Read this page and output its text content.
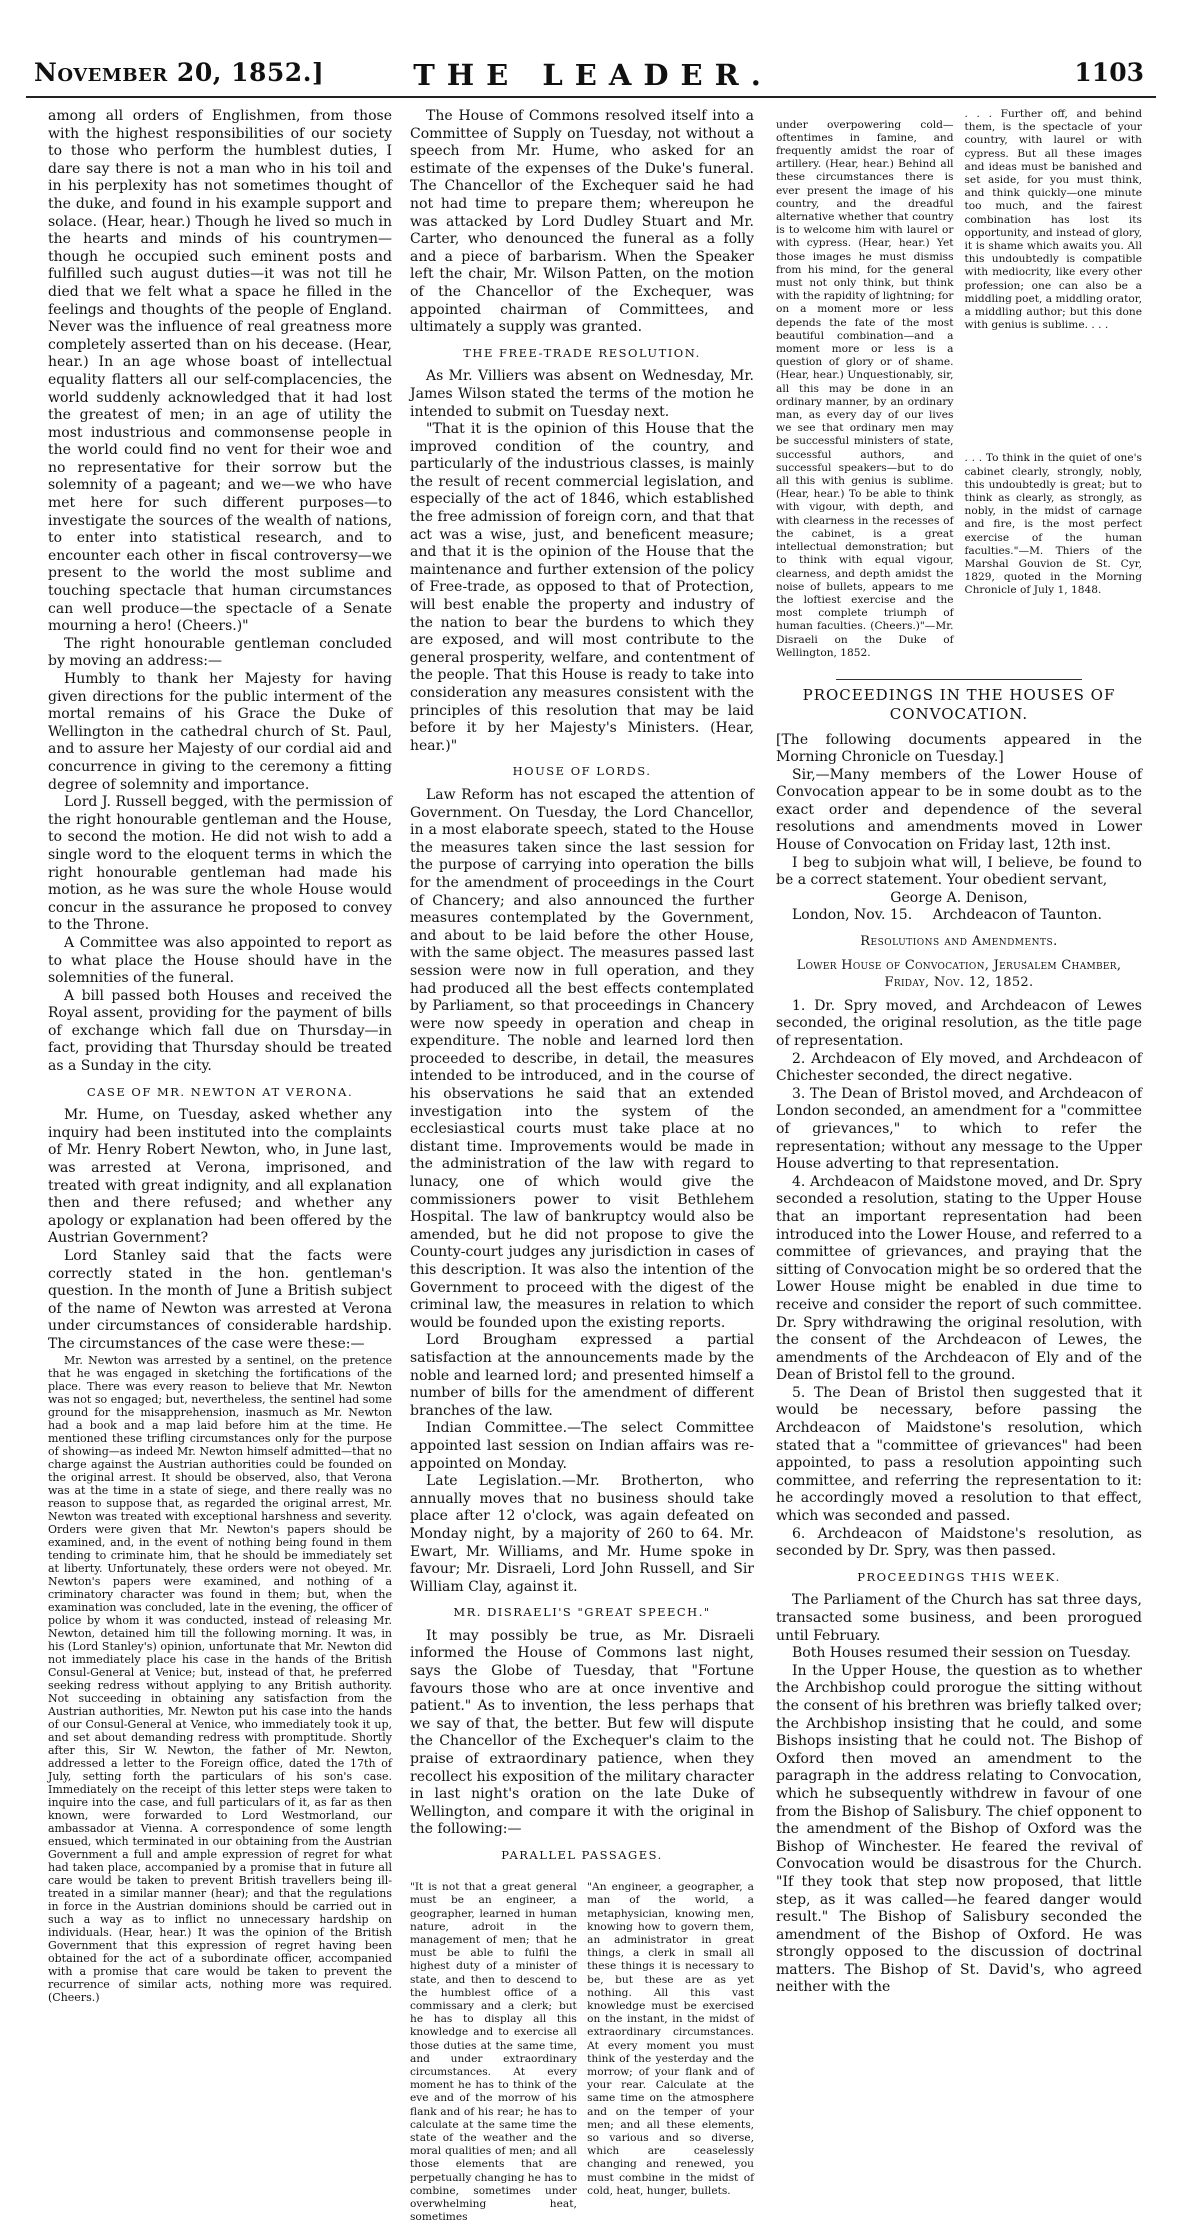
November 20, 1852.]	THE LEADER.	1103

among all orders of Englishmen, from those with the highest responsibilities of our society to those who perform the humblest duties, I dare say there is not a man who in his toil and in his perplexity has not sometimes thought of the duke, and found in his example support and solace. (Hear, hear.) Though he lived so much in the hearts and minds of his countrymen—though he occupied such eminent posts and fulfilled such august duties—it was not till he died that we felt what a space he filled in the feelings and thoughts of the people of England. Never was the influence of real greatness more completely asserted than on his decease. (Hear, hear.) In an age whose boast of intellectual equality flatters all our self-complacencies, the world suddenly acknowledged that it had lost the greatest of men; in an age of utility the most industrious and commonsense people in the world could find no vent for their woe and no representative for their sorrow but the solemnity of a pageant; and we—we who have met here for such different purposes—to investigate the sources of the wealth of nations, to enter into statistical research, and to encounter each other in fiscal controversy—we present to the world the most sublime and touching spectacle that human circumstances can well produce—the spectacle of a Senate mourning a hero! (Cheers.)"

The right honourable gentleman concluded by moving an address:—

Humbly to thank her Majesty for having given directions for the public interment of the mortal remains of his Grace the Duke of Wellington in the cathedral church of St. Paul, and to assure her Majesty of our cordial aid and concurrence in giving to the ceremony a fitting degree of solemnity and importance.

Lord J. Russell begged, with the permission of the right honourable gentleman and the House, to second the motion. He did not wish to add a single word to the eloquent terms in which the right honourable gentleman had made his motion, as he was sure the whole House would concur in the assurance he proposed to convey to the Throne.

A Committee was also appointed to report as to what place the House should have in the solemnities of the funeral.

A bill passed both Houses and received the Royal assent, providing for the payment of bills of exchange which fall due on Thursday—in fact, providing that Thursday should be treated as a Sunday in the city.

CASE OF MR. NEWTON AT VERONA.

Mr. Hume, on Tuesday, asked whether any inquiry had been instituted into the complaints of Mr. Henry Robert Newton, who, in June last, was arrested at Verona, imprisoned, and treated with great indignity, and all explanation then and there refused; and whether any apology or explanation had been offered by the Austrian Government?

Lord Stanley said that the facts were correctly stated in the hon. gentleman's question. In the month of June a British subject of the name of Newton was arrested at Verona under circumstances of considerable hardship. The circumstances of the case were these:—

Mr. Newton was arrested by a sentinel, on the pretence that he was engaged in sketching the fortifications of the place. There was every reason to believe that Mr. Newton was not so engaged; but, nevertheless, the sentinel had some ground for the misapprehension, inasmuch as Mr. Newton had a book and a map laid before him at the time. He mentioned these trifling circumstances only for the purpose of showing—as indeed Mr. Newton himself admitted—that no charge against the Austrian authorities could be founded on the original arrest. It should be observed, also, that Verona was at the time in a state of siege, and there really was no reason to suppose that, as regarded the original arrest, Mr. Newton was treated with exceptional harshness and severity. Orders were given that Mr. Newton's papers should be examined, and, in the event of nothing being found in them tending to criminate him, that he should be immediately set at liberty. Unfortunately, these orders were not obeyed. Mr. Newton's papers were examined, and nothing of a criminatory character was found in them; but, when the examination was concluded, late in the evening, the officer of police by whom it was conducted, instead of releasing Mr. Newton, detained him till the following morning. It was, in his (Lord Stanley's) opinion, unfortunate that Mr. Newton did not immediately place his case in the hands of the British Consul-General at Venice; but, instead of that, he preferred seeking redress without applying to any British authority. Not succeeding in obtaining any satisfaction from the Austrian authorities, Mr. Newton put his case into the hands of our Consul-General at Venice, who immediately took it up, and set about demanding redress with promptitude. Shortly after this, Sir W. Newton, the father of Mr. Newton, addressed a letter to the Foreign office, dated the 17th of July, setting forth the particulars of his son's case. Immediately on the receipt of this letter steps were taken to inquire into the case, and full particulars of it, as far as then known, were forwarded to Lord Westmorland, our ambassador at Vienna. A correspondence of some length ensued, which terminated in our obtaining from the Austrian Government a full and ample expression of regret for what had taken place, accompanied by a promise that in future all care would be taken to prevent British travellers being ill-treated in a similar manner (hear); and that the regulations in force in the Austrian dominions should be carried out in such a way as to inflict no unnecessary hardship on individuals. (Hear, hear.) It was the opinion of the British Government that this expression of regret having been obtained for the act of a subordinate officer, accompanied with a promise that care would be taken to prevent the recurrence of similar acts, nothing more was required. (Cheers.)

The House of Commons resolved itself into a Committee of Supply on Tuesday, not without a speech from Mr. Hume, who asked for an estimate of the expenses of the Duke's funeral. The Chancellor of the Exchequer said he had not had time to prepare them; whereupon he was attacked by Lord Dudley Stuart and Mr. Carter, who denounced the funeral as a folly and a piece of barbarism. When the Speaker left the chair, Mr. Wilson Patten, on the motion of the Chancellor of the Exchequer, was appointed chairman of Committees, and ultimately a supply was granted.

THE FREE-TRADE RESOLUTION.

As Mr. Villiers was absent on Wednesday, Mr. James Wilson stated the terms of the motion he intended to submit on Tuesday next.

"That it is the opinion of this House that the improved condition of the country, and particularly of the industrious classes, is mainly the result of recent commercial legislation, and especially of the act of 1846, which established the free admission of foreign corn, and that that act was a wise, just, and beneficent measure; and that it is the opinion of the House that the maintenance and further extension of the policy of Free-trade, as opposed to that of Protection, will best enable the property and industry of the nation to bear the burdens to which they are exposed, and will most contribute to the general prosperity, welfare, and contentment of the people. That this House is ready to take into consideration any measures consistent with the principles of this resolution that may be laid before it by her Majesty's Ministers. (Hear, hear.)"

HOUSE OF LORDS.

Law Reform has not escaped the attention of Government. On Tuesday, the Lord Chancellor, in a most elaborate speech, stated to the House the measures taken since the last session for the purpose of carrying into operation the bills for the amendment of proceedings in the Court of Chancery; and also announced the further measures contemplated by the Government, and about to be laid before the other House, with the same object. The measures passed last session were now in full operation, and they had produced all the best effects contemplated by Parliament, so that proceedings in Chancery were now speedy in operation and cheap in expenditure. The noble and learned lord then proceeded to describe, in detail, the measures intended to be introduced, and in the course of his observations he said that an extended investigation into the system of the ecclesiastical courts must take place at no distant time. Improvements would be made in the administration of the law with regard to lunacy, one of which would give the commissioners power to visit Bethlehem Hospital. The law of bankruptcy would also be amended, but he did not propose to give the County-court judges any jurisdiction in cases of this description. It was also the intention of the Government to proceed with the digest of the criminal law, the measures in relation to which would be founded upon the existing reports.

Lord Brougham expressed a partial satisfaction at the announcements made by the noble and learned lord; and presented himself a number of bills for the amendment of different branches of the law.

Indian Committee.—The select Committee appointed last session on Indian affairs was re-appointed on Monday.

Late Legislation.—Mr. Brotherton, who annually moves that no business should take place after 12 o'clock, was again defeated on Monday night, by a majority of 260 to 64. Mr. Ewart, Mr. Williams, and Mr. Hume spoke in favour; Mr. Disraeli, Lord John Russell, and Sir William Clay, against it.

MR. DISRAELI'S "GREAT SPEECH."

It may possibly be true, as Mr. Disraeli informed the House of Commons last night, says the Globe of Tuesday, that "Fortune favours those who are at once inventive and patient." As to invention, the less perhaps that we say of that, the better. But few will dispute the Chancellor of the Exchequer's claim to the praise of extraordinary patience, when they recollect his exposition of the military character in last night's oration on the late Duke of Wellington, and compare it with the original in the following:—

PARALLEL PASSAGES.

"It is not that a great general must be an engineer, a geographer, learned in human nature, adroit in the management of men; that he must be able to fulfil the highest duty of a minister of state, and then to descend to the humblest office of a commissary and a clerk; but he has to display all this knowledge and to exercise all those duties at the same time, and under extraordinary circumstances. At every moment he has to think of the eve and of the morrow of his flank and of his rear; he has to calculate at the same time the state of the weather and the moral qualities of men; and all those elements that are perpetually changing he has to combine, sometimes under overwhelming heat, sometimes

"An engineer, a geographer, a man of the world, a metaphysician, knowing men, knowing how to govern them, an administrator in great things, a clerk in small all these things it is necessary to be, but these are as yet nothing. All this vast knowledge must be exercised on the instant, in the midst of extraordinary circumstances. At every moment you must think of the yesterday and the morrow; of your flank and of your rear. Calculate at the same time on the atmosphere and on the temper of your men; and all these elements, so various and so diverse, which are ceaselessly changing and renewed, you must combine in the midst of cold, heat, hunger, bullets.

under overpowering cold—oftentimes in famine, and frequently amidst the roar of artillery. (Hear, hear.) Behind all these circumstances there is ever present the image of his country, and the dreadful alternative whether that country is to welcome him with laurel or with cypress. (Hear, hear.) Yet those images he must dismiss from his mind, for the general must not only think, but think with the rapidity of lightning; for on a moment more or less depends the fate of the most beautiful combination—and a moment more or less is a question of glory or of shame. (Hear, hear.) Unquestionably, sir, all this may be done in an ordinary manner, by an ordinary man, as every day of our lives we see that ordinary men may be successful ministers of state, successful authors, and successful speakers—but to do all this with genius is sublime. (Hear, hear.) To be able to think with vigour, with depth, and with clearness in the recesses of the cabinet, is a great intellectual demonstration; but to think with equal vigour, clearness, and depth amidst the noise of bullets, appears to me the loftiest exercise and the most complete triumph of human faculties. (Cheers.)"—Mr. Disraeli on the Duke of Wellington, 1852.

. . . Further off, and behind them, is the spectacle of your country, with laurel or with cypress. But all these images and ideas must be banished and set aside, for you must think, and think quickly—one minute too much, and the fairest combination has lost its opportunity, and instead of glory, it is shame which awaits you. All this undoubtedly is compatible with mediocrity, like every other profession; one can also be a middling poet, a middling orator, a middling author; but this done with genius is sublime. . . .

. . . To think in the quiet of one's cabinet clearly, strongly, nobly, this undoubtedly is great; but to think as clearly, as strongly, as nobly, in the midst of carnage and fire, is the most perfect exercise of the human faculties."—M. Thiers of the Marshal Gouvion de St. Cyr, 1829, quoted in the Morning Chronicle of July 1, 1848.

PROCEEDINGS IN THE HOUSES OF CONVOCATION.

[The following documents appeared in the Morning Chronicle on Tuesday.]

Sir,—Many members of the Lower House of Convocation appear to be in some doubt as to the exact order and dependence of the several resolutions and amendments moved in Lower House of Convocation on Friday last, 12th inst.

I beg to subjoin what will, I believe, be found to be a correct statement. Your obedient servant,

George A. Denison,

London, Nov. 15. Archdeacon of Taunton.

Resolutions and Amendments.

Lower House of Convocation, Jerusalem Chamber, Friday, Nov. 12, 1852.

1. Dr. Spry moved, and Archdeacon of Lewes seconded, the original resolution, as the title page of representation.

2. Archdeacon of Ely moved, and Archdeacon of Chichester seconded, the direct negative.

3. The Dean of Bristol moved, and Archdeacon of London seconded, an amendment for a "committee of grievances," to which to refer the representation; without any message to the Upper House adverting to that representation.

4. Archdeacon of Maidstone moved, and Dr. Spry seconded a resolution, stating to the Upper House that an important representation had been introduced into the Lower House, and referred to a committee of grievances, and praying that the sitting of Convocation might be so ordered that the Lower House might be enabled in due time to receive and consider the report of such committee. Dr. Spry withdrawing the original resolution, with the consent of the Archdeacon of Lewes, the amendments of the Archdeacon of Ely and of the Dean of Bristol fell to the ground.

5. The Dean of Bristol then suggested that it would be necessary, before passing the Archdeacon of Maidstone's resolution, which stated that a "committee of grievances" had been appointed, to pass a resolution appointing such committee, and referring the representation to it: he accordingly moved a resolution to that effect, which was seconded and passed.

6. Archdeacon of Maidstone's resolution, as seconded by Dr. Spry, was then passed.

PROCEEDINGS THIS WEEK.

The Parliament of the Church has sat three days, transacted some business, and been prorogued until February.

Both Houses resumed their session on Tuesday.

In the Upper House, the question as to whether the Archbishop could prorogue the sitting without the consent of his brethren was briefly talked over; the Archbishop insisting that he could, and some Bishops insisting that he could not. The Bishop of Oxford then moved an amendment to the paragraph in the address relating to Convocation, which he subsequently withdrew in favour of one from the Bishop of Salisbury. The chief opponent to the amendment of the Bishop of Oxford was the Bishop of Winchester. He feared the revival of Convocation would be disastrous for the Church. "If they took that step now proposed, that little step, as it was called—he feared danger would result." The Bishop of Salisbury seconded the amendment of the Bishop of Oxford. He was strongly opposed to the discussion of doctrinal matters. The Bishop of St. David's, who agreed neither with the
